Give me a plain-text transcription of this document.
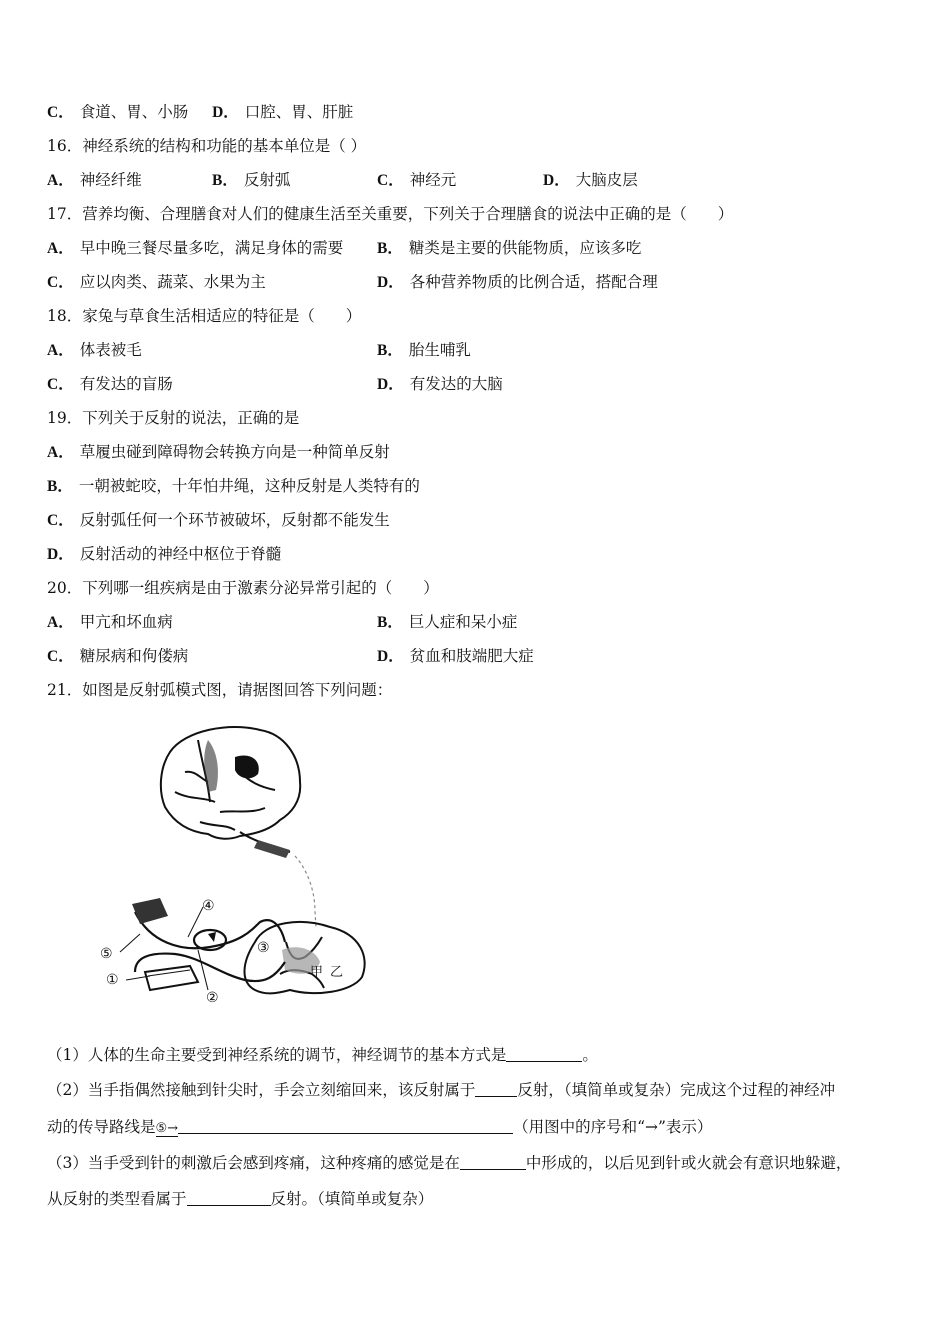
C． 食道、胃、小肠 D． 口腔、胃、肝脏
16．神经系统的结构和功能的基本单位是（ ）
A． 神经纤维	B． 反射弧	C． 神经元	D． 大脑皮层
17．营养均衡、合理膳食对人们的健康生活至关重要，下列关于合理膳食的说法中正确的是（　　）
A． 早中晚三餐尽量多吃，满足身体的需要 B． 糖类是主要的供能物质，应该多吃
C． 应以肉类、蔬菜、水果为主	D． 各种营养物质的比例合适，搭配合理
18．家兔与草食生活相适应的特征是（　　）
A． 体表被毛	B． 胎生哺乳
C． 有发达的盲肠	D． 有发达的大脑
19．下列关于反射的说法，正确的是
A． 草履虫碰到障碍物会转换方向是一种简单反射
B． 一朝被蛇咬，十年怕井绳，这种反射是人类特有的
C． 反射弧任何一个环节被破坏，反射都不能发生
D． 反射活动的神经中枢位于脊髓
20．下列哪一组疾病是由于激素分泌异常引起的（　　）
A． 甲亢和坏血病	B． 巨人症和呆小症
C． 糖尿病和佝偻病	D． 贫血和肢端肥大症
21．如图是反射弧模式图，请据图回答下列问题：
⑤
①
④
②
③
甲 乙
（1）人体的生命主要受到神经系统的调节，神经调节的基本方式是	。
（2）当手指偶然接触到针尖时，手会立刻缩回来，该反射属于	反射，（填简单或复杂）完成这个过程的神经冲
动的传导路线是⑤→	（用图中的序号和“→”表示）
（3）当手受到针的刺激后会感到疼痛，这种疼痛的感觉是在	中形成的，以后见到针或火就会有意识地躲避，
从反射的类型看属于	反射。（填简单或复杂）
